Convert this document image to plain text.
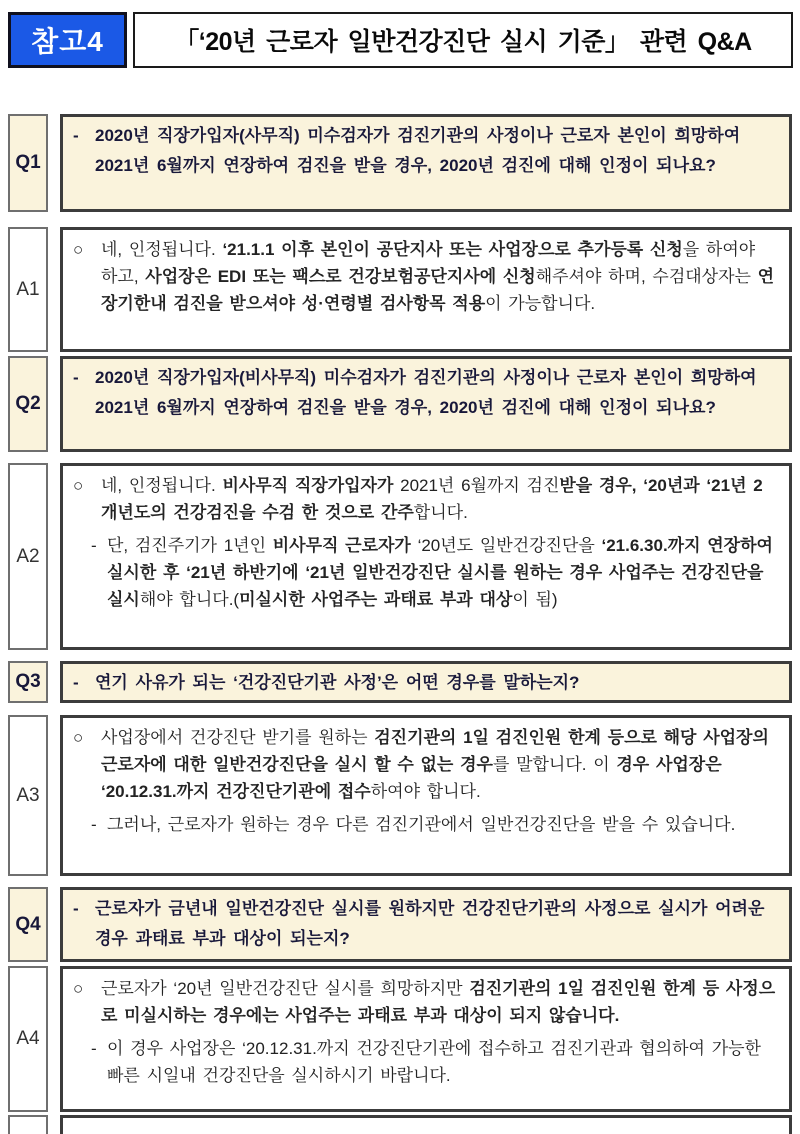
참고4	「‘20년 근로자 일반건강진단 실시 기준」 관련 Q&A
Q1
- 2020년 직장가입자(사무직) 미수검자가 검진기관의 사정이나 근로자 본인이 희망하여 2021년 6월까지 연장하여 검진을 받을 경우, 2020년 검진에 대해 인정이 되나요?
A1
○	네, 인정됩니다. ‘21.1.1 이후 본인이 공단지사 또는 사업장으로 추가등록 신청을 하여야 하고, 사업장은 EDI 또는 팩스로 건강보험공단지사에 신청해주셔야 하며, 수검대상자는 연장기한내 검진을 받으셔야 성·연령별 검사항목 적용이 가능합니다.
Q2
- 2020년 직장가입자(비사무직) 미수검자가 검진기관의 사정이나 근로자 본인이 희망하여 2021년 6월까지 연장하여 검진을 받을 경우, 2020년 검진에 대해 인정이 되나요?
A2
○	네, 인정됩니다. 비사무직 직장가입자가 2021년 6월까지 검진받을 경우, ‘20년과 ‘21년 2개년도의 건강검진을 수검 한 것으로 간주합니다.
- 단, 검진주기가 1년인 비사무직 근로자가 ‘20년도 일반건강진단을 ‘21.6.30.까지 연장하여 실시한 후 ‘21년 하반기에 ‘21년 일반건강진단 실시를 원하는 경우 사업주는 건강진단을 실시해야 합니다.(미실시한 사업주는 과태료 부과 대상이 됨)
Q3 - 연기 사유가 되는 ‘건강진단기관 사정’은 어떤 경우를 말하는지?
A3
○	사업장에서 건강진단 받기를 원하는 검진기관의 1일 검진인원 한계 등으로 해당 사업장의 근로자에 대한 일반건강진단을 실시 할 수 없는 경우를 말합니다. 이 경우 사업장은 ‘20.12.31.까지 건강진단기관에 접수하여야 합니다.
- 그러나, 근로자가 원하는 경우 다른 검진기관에서 일반건강진단을 받을 수 있습니다.
Q4
- 근로자가 금년내 일반건강진단 실시를 원하지만 건강진단기관의 사정으로 실시가 어려운 경우 과태료 부과 대상이 되는지?
A4
○	근로자가 ‘20년 일반건강진단 실시를 희망하지만 검진기관의 1일 검진인원 한계 등 사정으로 미실시하는 경우에는 사업주는 과태료 부과 대상이 되지 않습니다.
- 이 경우 사업장은 ‘20.12.31.까지 건강진단기관에 접수하고 검진기관과 협의하여 가능한 빠른 시일내 건강진단을 실시하시기 바랍니다.
